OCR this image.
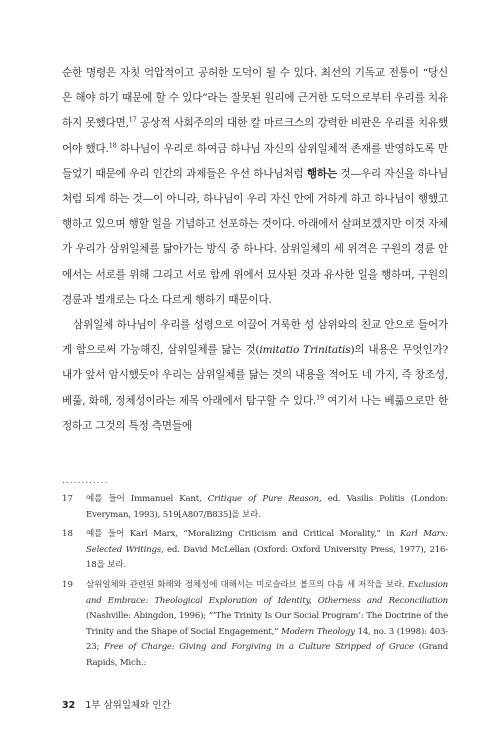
순한 명령은 자칫 억압적이고 공허한 도덕이 될 수 있다. 최선의 기독교 전통이 “당신은 해야 하기 때문에 할 수 있다”라는 잘못된 원리에 근거한 도덕으로부터 우리를 치유하지 못했다면,$^{17}$ 공상적 사회주의의 대한 칼 마르크스의 강력한 비판은 우리를 치유했어야 했다.$^{18}$ 하나님이 우리로 하여금 하나님 자신의 삼위일체적 존재를 반영하도록 만들었기 때문에 우리 인간의 과제들은 우선 하나님처럼 행하는 것—우리 자신을 하나님처럼 되게 하는 것—이 아니라, 하나님이 우리 자신 안에 거하게 하고 하나님이 행했고 행하고 있으며 행할 일을 기념하고 선포하는 것이다. 아래에서 살펴보겠지만 이것 자체가 우리가 삼위일체를 닮아가는 방식 중 하나다. 삼위일체의 세 위격은 구원의 경륜 안에서는 서로를 위해 그리고 서로 함께 위에서 묘사된 것과 유사한 일을 행하며, 구원의 경륜과 별개로는 다소 다르게 행하기 때문이다.

삼위일체 하나님이 우리를 성령으로 이끌어 거룩한 성 삼위와의 친교 안으로 들어가게 함으로써 가능해진, 삼위일체를 닮는 것(imitatio Trinitatis)의 내용은 무엇인가? 내가 앞서 암시했듯이 우리는 삼위일체를 닮는 것의 내용을 적어도 네 가지, 즉 창조성, 베풂, 화해, 정체성이라는 제목 아래에서 탐구할 수 있다.$^{19}$ 여기서 나는 베풂으로만 한정하고 그것의 특정 측면들에

............
17	예를 들어 Immanuel Kant, Critique of Pure Reason, ed. Vasilis Politis (London: Everyman, 1993), 519[A807/B835]을 보라.
18	예를 들어 Karl Marx, “Moralizing Criticism and Critical Morality,” in Karl Marx: Selected Writings, ed. David McLellan (Oxford: Oxford University Press, 1977), 216-18을 보라.
19	삼위일체와 관련된 화해와 정체성에 대해서는 미로슬라브 볼프의 다음 세 저작을 보라. Exclusion and Embrace: Theological Exploration of Identity, Otherness and Reconciliation (Nashville: Abingdon, 1996); “‘The Trinity Is Our Social Program’: The Doctrine of the Trinity and the Shape of Social Engagement,” Modern Theology 14, no. 3 (1998): 403-23; Free of Charge: Giving and Forgiving in a Culture Stripped of Grace (Grand Rapids, Mich.:
32 1부 삼위일체와 인간
